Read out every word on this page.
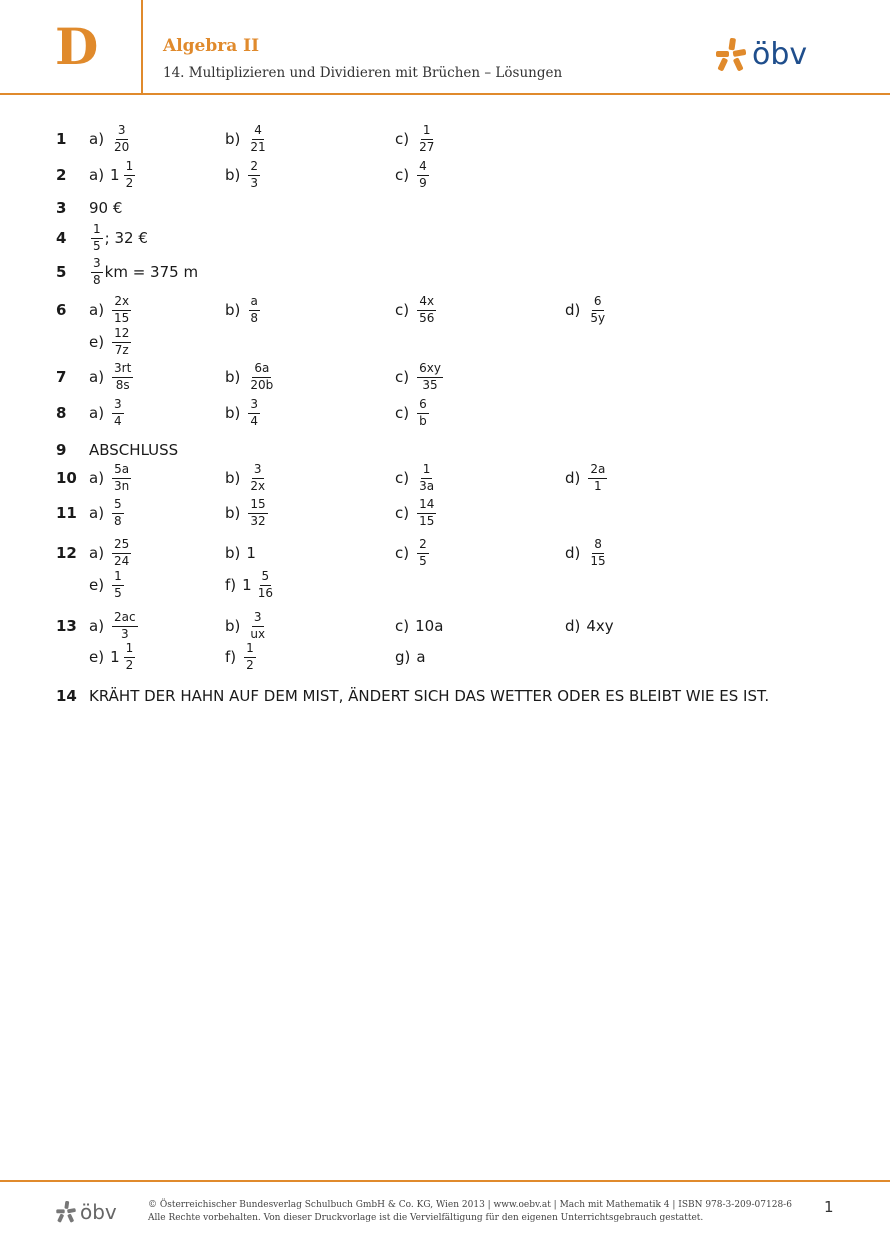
D	Algebra II
14. Multiplizieren und Dividieren mit Brüchen – Lösungen
öbv
1 $a) \frac{3}{20}$	$b) \frac{4}{21}$	$c) \frac{1}{27}$
2 a) $1 \frac{1}{2}$	$b) \frac{2}{3}$	$c) \frac{4}{9}$
3 90 €
$4 \frac{1}{5}$ ; 32 €
$5 \frac{3}{8}$ km = 375 m
6 $a) \frac{2x}{15}$	$b) \frac{a}{8}$	$c) \frac{4x}{56}$	$d) \frac{6}{5y}$
$e) \frac{12}{7z}$
7 $a) \frac{3rt}{8s}$	$b) \frac{6a}{20b}$	$c) \frac{6xy}{35}$
8 $a) \frac{3}{4}$	$b) \frac{3}{4}$	$c) \frac{6}{b}$
9 ABSCHLUSS
10 $a) \frac{5a}{3n}$	$b) \frac{3}{2x}$	$c) \frac{1}{3a}$	$d) \frac{2a}{1}$
11 $a) \frac{5}{8}$	$b) \frac{15}{32}$	$c) \frac{14}{15}$
12 $a) \frac{25}{24}$	b) 1	$c) \frac{2}{5}$	$d) \frac{8}{15}$
$e) \frac{1}{5}$	f) $1 \frac{5}{16}$
13 $a) \frac{2ac}{3}$	$b) \frac{3}{ux}$	c) 10a	d) 4xy
e) $1 \frac{1}{2}$	$f) \frac{1}{2}$	g) a
14 KRÄHT DER HAHN AUF DEM MIST, ÄNDERT SICH DAS WETTER ODER ES BLEIBT WIE ES IST.
öbv	© Österreichischer Bundesverlag Schulbuch GmbH & Co. KG, Wien 2013 | www.oebv.at | Mach mit Mathematik 4 | ISBN 978-3-209-07128-6
Alle Rechte vorbehalten. Von dieser Druckvorlage ist die Vervielfältigung für den eigenen Unterrichtsgebrauch gestattet.
1
